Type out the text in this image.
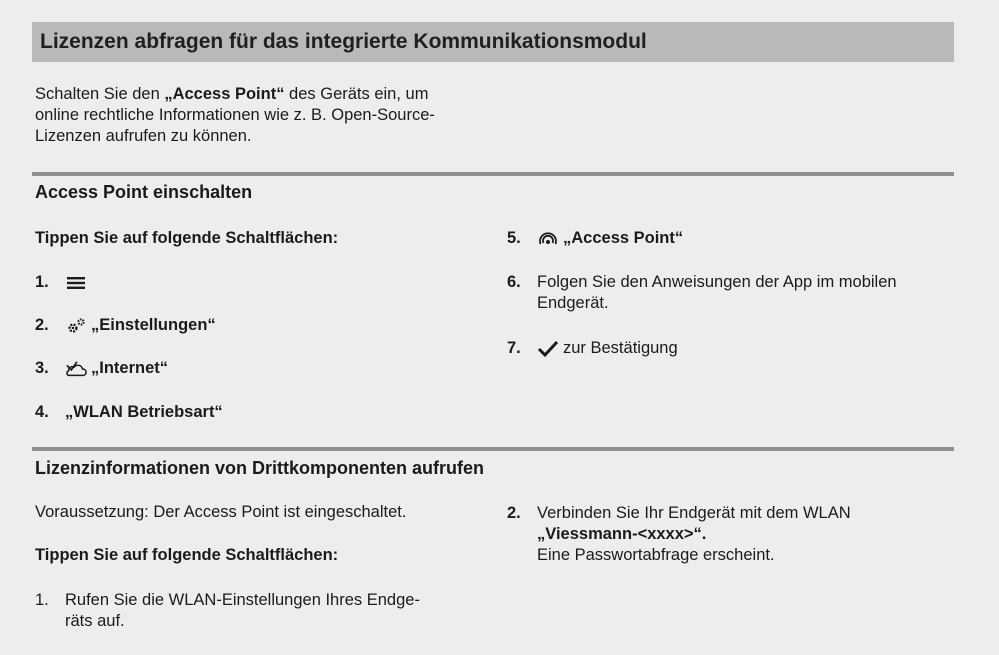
Lizenzen abfragen für das integrierte Kommunikationsmodul

Schalten Sie den „Access Point“ des Geräts ein, um
online rechtliche Informationen wie z. B. Open-Source-
Lizenzen aufrufen zu können.

Access Point einschalten

Tippen Sie auf folgende Schaltflächen:

1.
2.	„Einstellungen“
3.	„Internet“
4. „WLAN Betriebsart“
5.	„Access Point“
6. Folgen Sie den Anweisungen der App im mobilen
Endgerät.
7.	zur Bestätigung
Lizenzinformationen von Drittkomponenten aufrufen

Voraussetzung: Der Access Point ist eingeschaltet.

Tippen Sie auf folgende Schaltflächen:

1. Rufen Sie die WLAN-Einstellungen Ihres Endge-
räts auf.
2. Verbinden Sie Ihr Endgerät mit dem WLAN
„Viessmann-<xxxx>“.
Eine Passwortabfrage erscheint.
